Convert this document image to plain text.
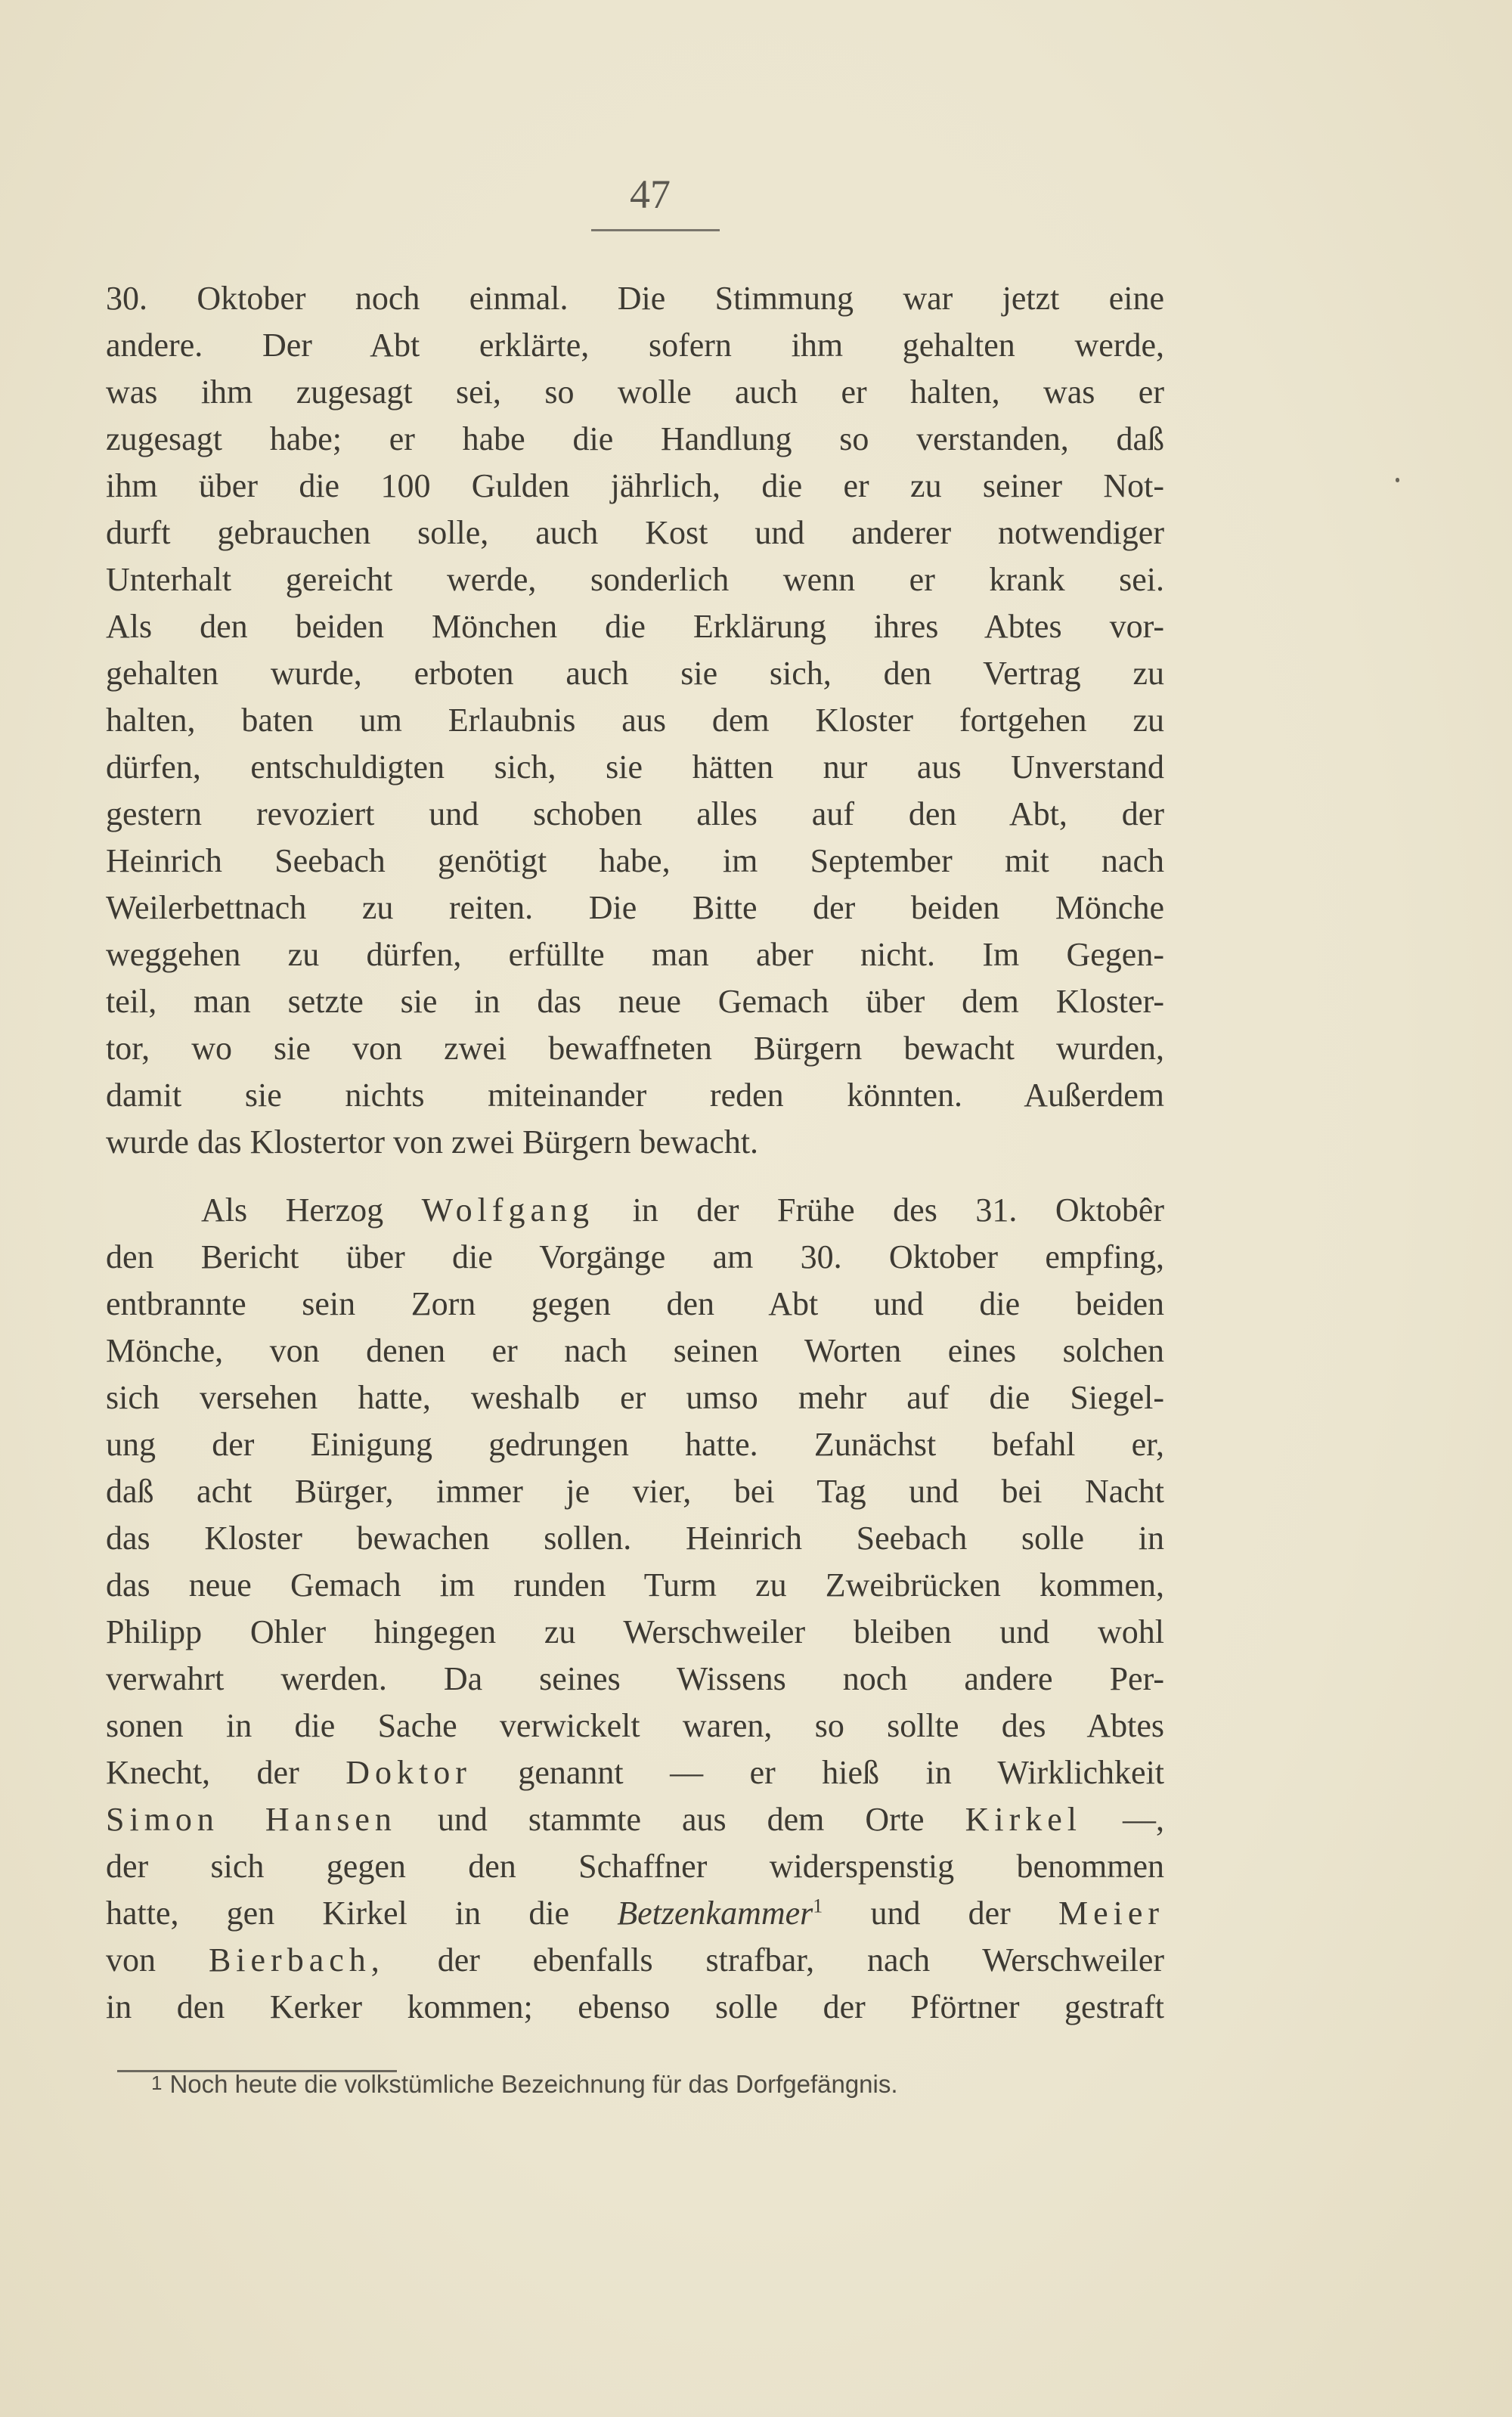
47
30. Oktober noch einmal. Die Stimmung war jetzt eine
andere. Der Abt erklärte, sofern ihm gehalten werde,
was ihm zugesagt sei, so wolle auch er halten, was er
zugesagt habe; er habe die Handlung so verstanden, daß
ihm über die 100 Gulden jährlich, die er zu seiner Not-
durft gebrauchen solle, auch Kost und anderer notwendiger
Unterhalt gereicht werde, sonderlich wenn er krank sei.
Als den beiden Mönchen die Erklärung ihres Abtes vor-
gehalten wurde, erboten auch sie sich, den Vertrag zu
halten, baten um Erlaubnis aus dem Kloster fortgehen zu
dürfen, entschuldigten sich, sie hätten nur aus Unverstand
gestern revoziert und schoben alles auf den Abt, der
Heinrich Seebach genötigt habe, im September mit nach
Weilerbettnach zu reiten. Die Bitte der beiden Mönche
weggehen zu dürfen, erfüllte man aber nicht. Im Gegen-
teil, man setzte sie in das neue Gemach über dem Kloster-
tor, wo sie von zwei bewaffneten Bürgern bewacht wurden,
damit sie nichts miteinander reden könnten. Außerdem
wurde das Klostertor von zwei Bürgern bewacht.
Als Herzog Wolfgang in der Frühe des 31. Oktobêr
den Bericht über die Vorgänge am 30. Oktober empfing,
entbrannte sein Zorn gegen den Abt und die beiden
Mönche, von denen er nach seinen Worten eines solchen
sich versehen hatte, weshalb er umso mehr auf die Siegel-
ung der Einigung gedrungen hatte. Zunächst befahl er,
daß acht Bürger, immer je vier, bei Tag und bei Nacht
das Kloster bewachen sollen. Heinrich Seebach solle in
das neue Gemach im runden Turm zu Zweibrücken kommen,
Philipp Ohler hingegen zu Werschweiler bleiben und wohl
verwahrt werden. Da seines Wissens noch andere Per-
sonen in die Sache verwickelt waren, so sollte des Abtes
Knecht, der Doktor genannt — er hieß in Wirklichkeit
Simon Hansen und stammte aus dem Orte Kirkel —,
der sich gegen den Schaffner widerspenstig benommen
hatte, gen Kirkel in die Betzenkammer$^1$ und der Meier
von Bierbach, der ebenfalls strafbar, nach Werschweiler
in den Kerker kommen; ebenso solle der Pförtner gestraft
1 Noch heute die volkstümliche Bezeichnung für das Dorfgefängnis.
